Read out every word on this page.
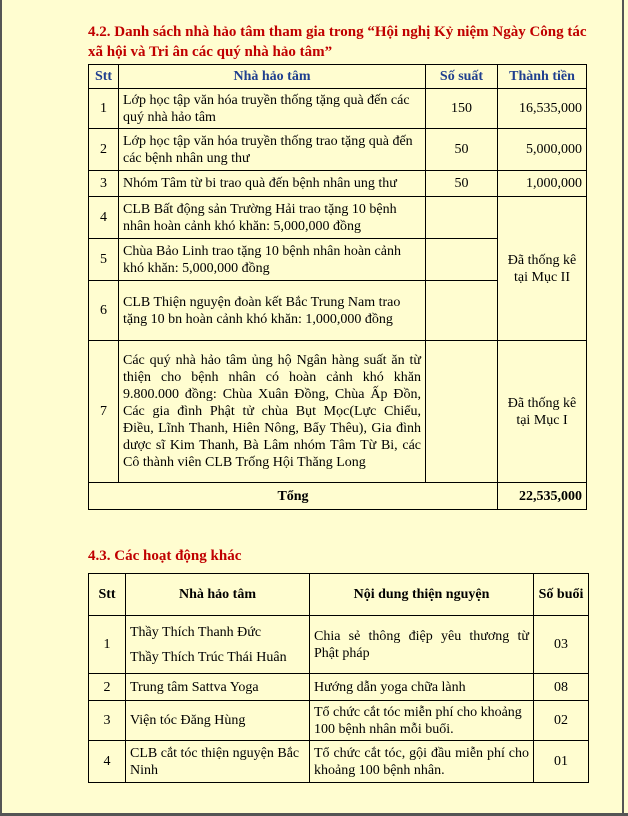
4.2. Danh sách nhà hảo tâm tham gia trong “Hội nghị Kỷ niệm Ngày Công tác xã hội và Tri ân các quý nhà hảo tâm”
Stt	Nhà hảo tâm	Số suất	Thành tiền
1	Lớp học tập văn hóa truyền thống tặng quà đến các quý nhà hảo tâm	150	16,535,000
2	Lớp học tập văn hóa truyền thống trao tặng quà đến các bệnh nhân ung thư	50	5,000,000
3	Nhóm Tâm từ bi trao quà đến bệnh nhân ung thư	50	1,000,000
4	CLB Bất động sản Trường Hải trao tặng 10 bệnh nhân hoàn cảnh khó khăn: 5,000,000 đồng		Đã thống kê tại Mục II
5	Chùa Bảo Linh trao tặng 10 bệnh nhân hoàn cảnh khó khăn: 5,000,000 đồng		
6	CLB Thiện nguyện đoàn kết Bắc Trung Nam trao tặng 10 bn hoàn cảnh khó khăn: 1,000,000 đồng		
7	Các quý nhà hảo tâm ủng hộ Ngân hàng suất ăn từ thiện cho bệnh nhân có hoàn cảnh khó khăn 9.800.000 đồng: Chùa Xuân Đồng, Chùa Ấp Đồn, Các gia đình Phật tử chùa Bụt Mọc(Lực Chiểu, Điều, Lĩnh Thanh, Hiên Nông, Bẩy Thêu), Gia đình dược sĩ Kim Thanh, Bà Lâm nhóm Tâm Từ Bi, các Cô thành viên CLB Trống Hội Thăng Long		Đã thống kê tại Mục I
Tổng			22,535,000
4.3. Các hoạt động khác
Stt	Nhà hảo tâm	Nội dung thiện nguyện	Số buổi
1	Thầy Thích Thanh Đức
Thầy Thích Trúc Thái Huân	Chia sẻ thông điệp yêu thương từ Phật pháp	03
2	Trung tâm Sattva Yoga	Hướng dẫn yoga chữa lành	08
3	Viện tóc Đăng Hùng	Tổ chức cắt tóc miễn phí cho khoảng 100 bệnh nhân mỗi buổi.	02
4	CLB cắt tóc thiện nguyện Bắc Ninh	Tổ chức cắt tóc, gội đầu miễn phí cho khoảng 100 bệnh nhân.	01
